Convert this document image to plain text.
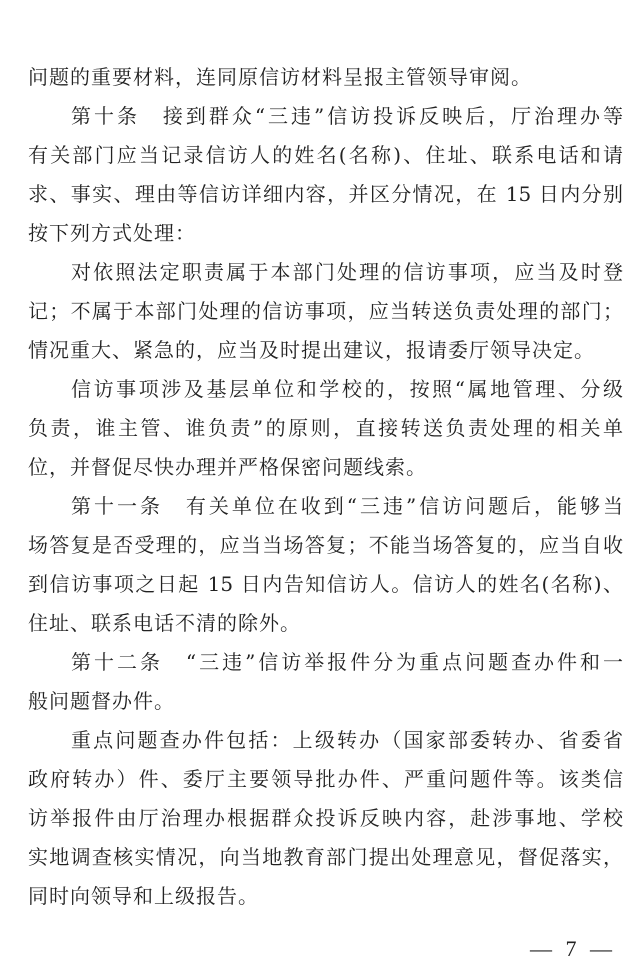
问题的重要材料，连同原信访材料呈报主管领导审阅。
第十条　接到群众“三违”信访投诉反映后，厅治理办等
有关部门应当记录信访人的姓名(名称)、住址、联系电话和请
求、事实、理由等信访详细内容，并区分情况，在 15 日内分别
按下列方式处理：
对依照法定职责属于本部门处理的信访事项，应当及时登
记；不属于本部门处理的信访事项，应当转送负责处理的部门；
情况重大、紧急的，应当及时提出建议，报请委厅领导决定。
信访事项涉及基层单位和学校的，按照“属地管理、分级
负责，谁主管、谁负责”的原则，直接转送负责处理的相关单
位，并督促尽快办理并严格保密问题线索。
第十一条　有关单位在收到“三违”信访问题后，能够当
场答复是否受理的，应当当场答复；不能当场答复的，应当自收
到信访事项之日起 15 日内告知信访人。信访人的姓名(名称)、
住址、联系电话不清的除外。
第十二条　“三违”信访举报件分为重点问题查办件和一
般问题督办件。
重点问题查办件包括：上级转办（国家部委转办、省委省
政府转办）件、委厅主要领导批办件、严重问题件等。该类信
访举报件由厅治理办根据群众投诉反映内容，赴涉事地、学校
实地调查核实情况，向当地教育部门提出处理意见，督促落实，
同时向领导和上级报告。
— 7 —
